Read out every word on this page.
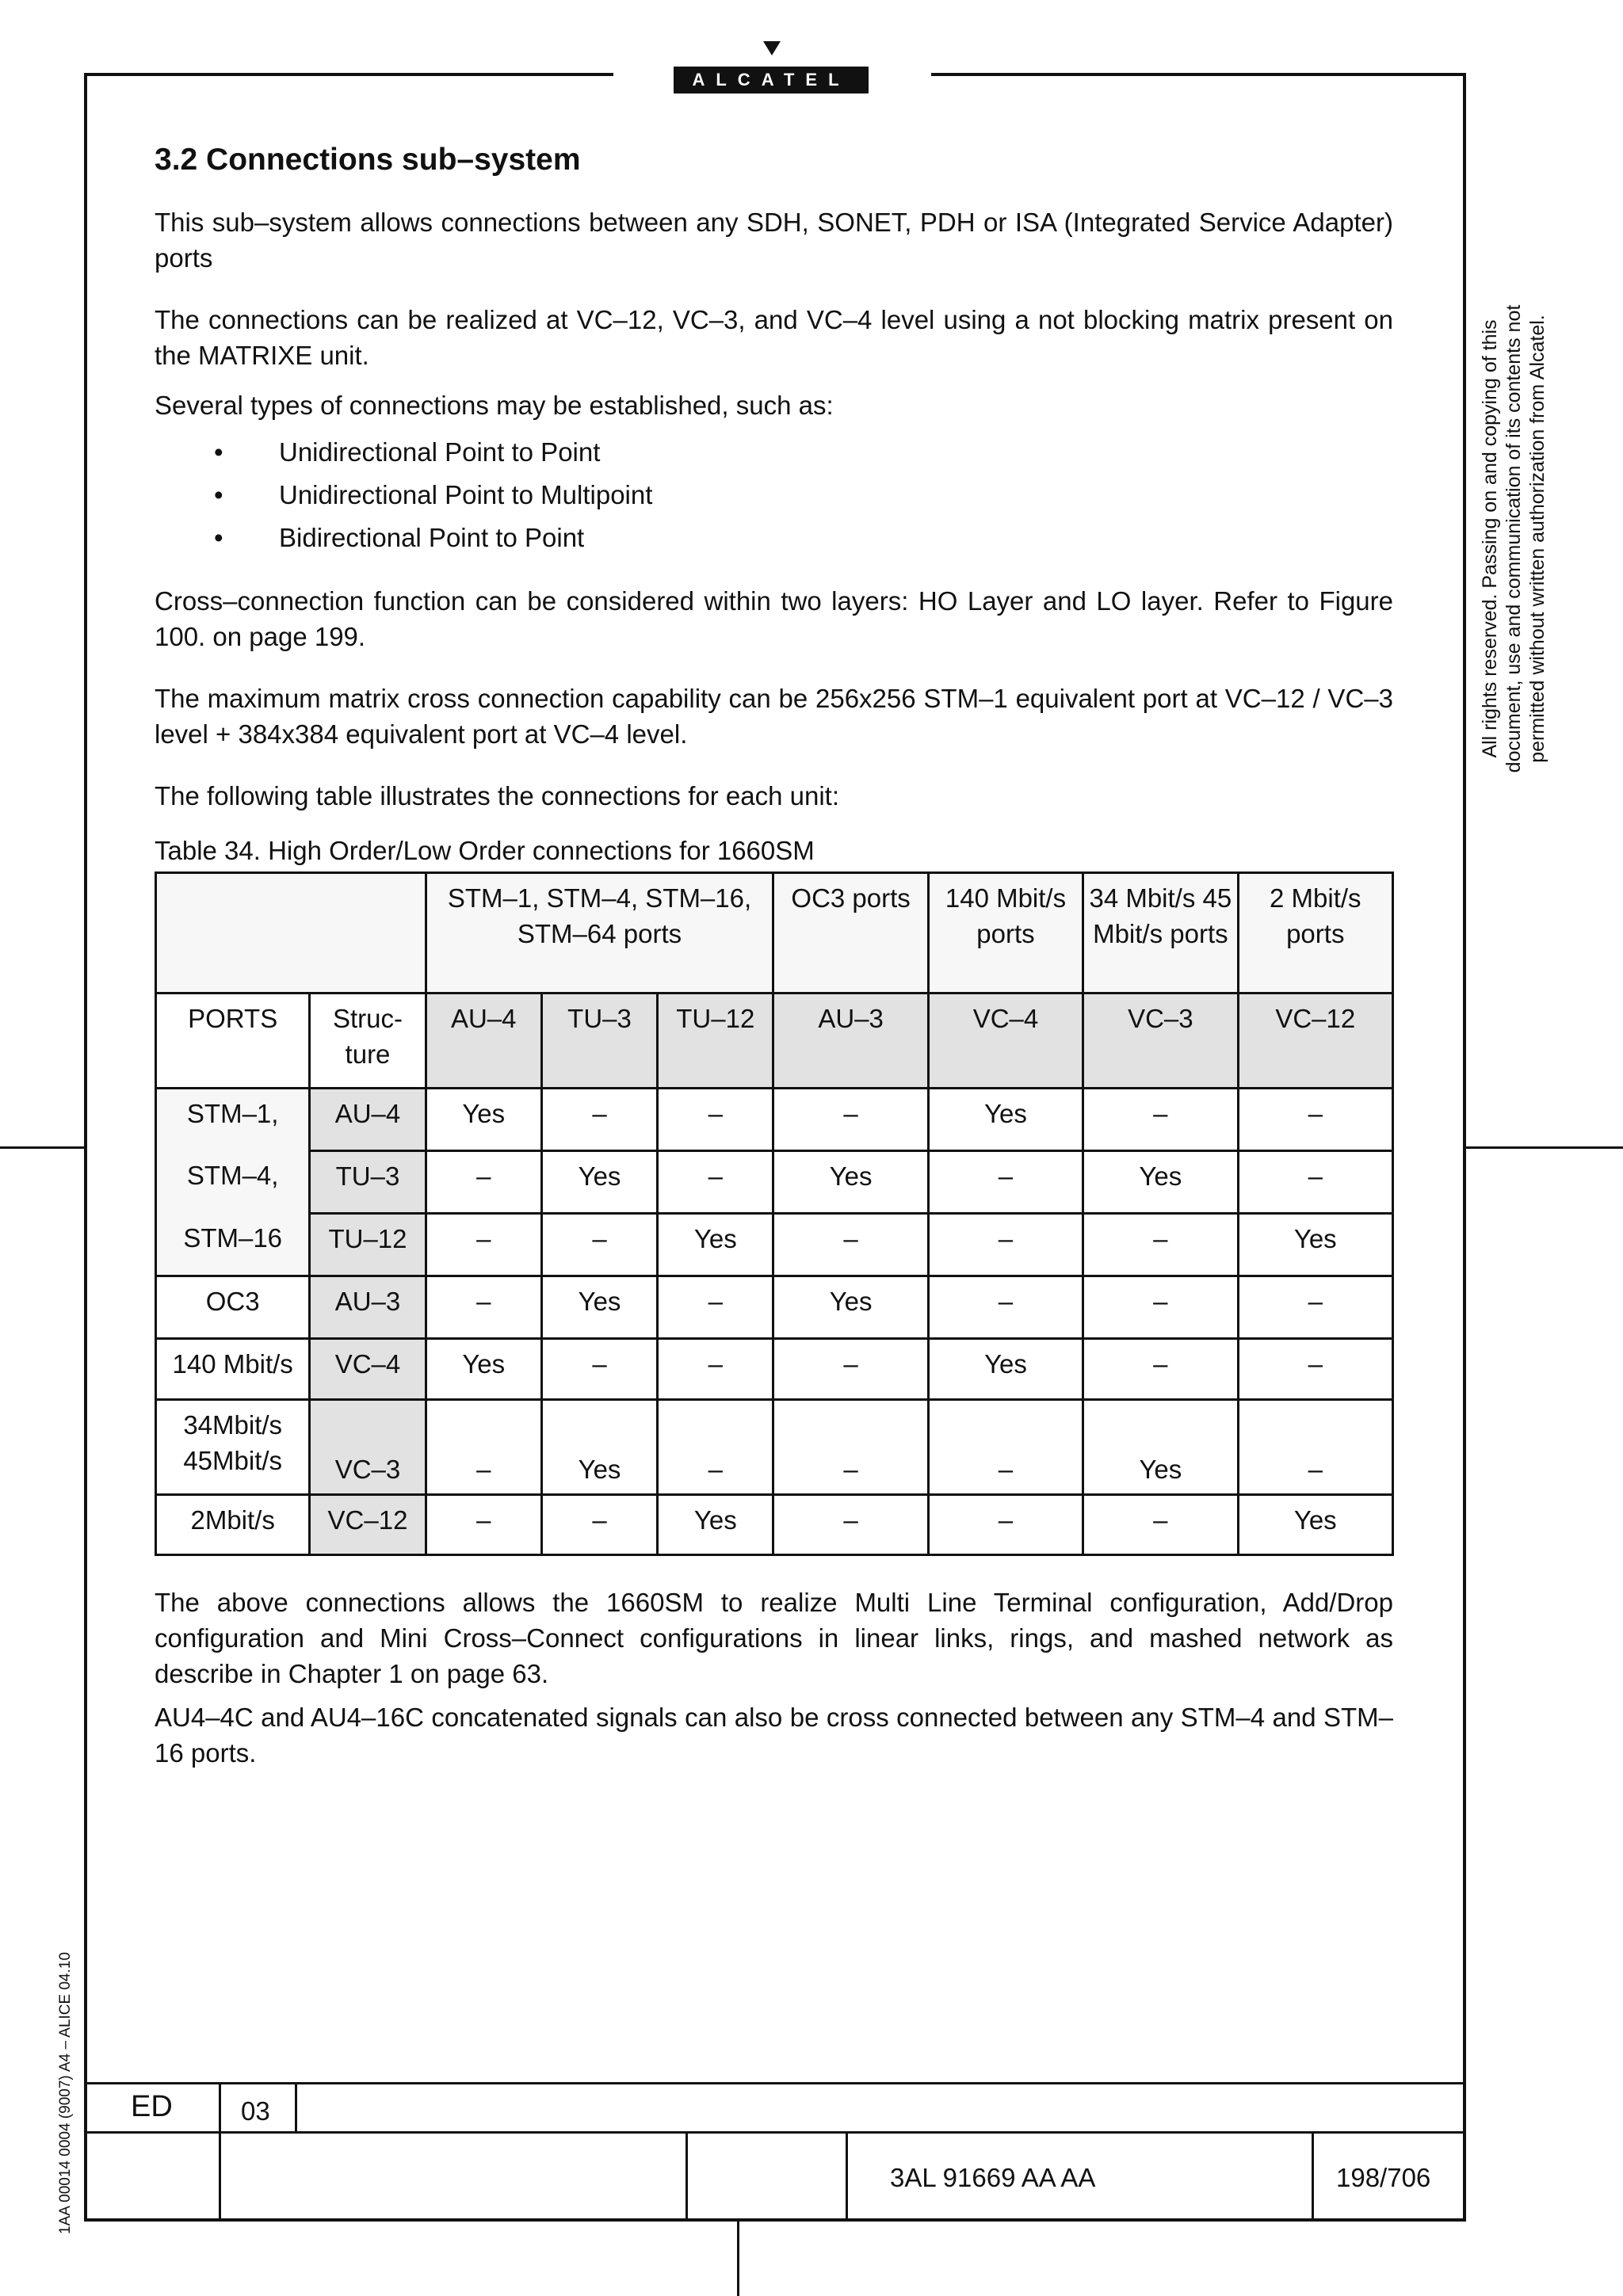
ALCATEL
All rights reserved. Passing on and copying of this document, use and communication of its contents not permitted without written authorization from Alcatel.
1AA 00014 0004 (9007) A4 – ALICE 04.10
3.2 Connections sub–system

This sub–system allows connections between any SDH, SONET, PDH or ISA (Integrated Service Adapter) ports

The connections can be realized at VC–12, VC–3, and VC–4 level using a not blocking matrix present on the MATRIXE unit.

Several types of connections may be established, such as:

• Unidirectional Point to Point
• Unidirectional Point to Multipoint
• Bidirectional Point to Point

Cross–connection function can be considered within two layers: HO Layer and LO layer. Refer to Figure 100. on page 199.

The maximum matrix cross connection capability can be 256x256 STM–1 equivalent port at VC–12 / VC–3 level + 384x384 equivalent port at VC–4 level.

The following table illustrates the connections for each unit:

Table 34. High Order/Low Order connections for 1660SM
		STM–1, STM–4, STM–16, STM–64 ports			OC3 ports	140 Mbit/s ports	34 Mbit/s 45 Mbit/s ports	2 Mbit/s ports
PORTS	Struc- ture	AU–4	TU–3	TU–12	AU–3	VC–4	VC–3	VC–12
STM–1,	AU–4	Yes	–	–	–	Yes	–	–
STM–4,	TU–3	–	Yes	–	Yes	–	Yes	–
STM–16	TU–12	–	–	Yes	–	–	–	Yes
OC3	AU–3	–	Yes	–	Yes	–	–	–
140 Mbit/s	VC–4	Yes	–	–	–	Yes	–	–
34Mbit/s 45Mbit/s	VC–3	–	Yes	–	–	–	Yes	–
2Mbit/s	VC–12	–	–	Yes	–	–	–	Yes

The above connections allows the 1660SM to realize Multi Line Terminal configuration, Add/Drop configuration and Mini Cross–Connect configurations in linear links, rings, and mashed network as describe in Chapter 1 on page 63.

AU4–4C and AU4–16C concatenated signals can also be cross connected between any STM–4 and STM–16 ports.

ED	03
3AL 91669 AA AA	198/706
